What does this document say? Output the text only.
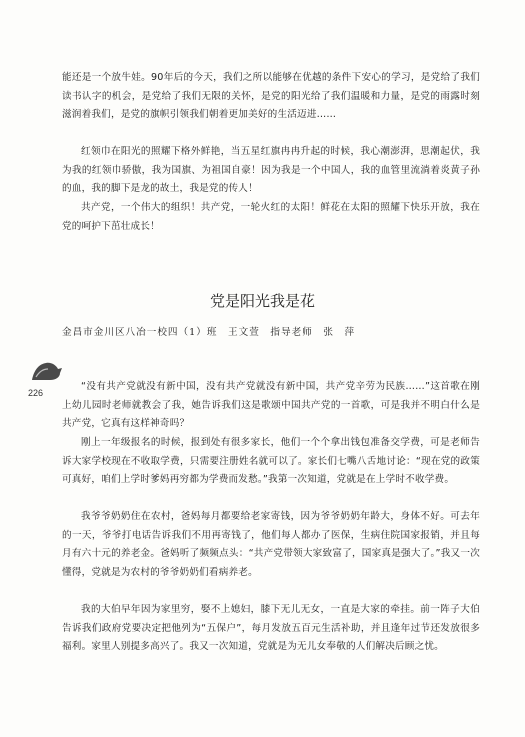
能还是一个放牛娃。90年后的今天，我们之所以能够在优越的条件下安心的学习，是党给了我们读书认字的机会，是党给了我们无限的关怀，是党的阳光给了我们温暖和力量，是党的雨露时刻滋润着我们，是党的旗帜引领我们朝着更加美好的生活迈进……

红领巾在阳光的照耀下格外鲜艳，当五星红旗冉冉升起的时候，我心潮澎湃，思潮起伏，我为我的红领巾骄傲，我为国旗、为祖国自豪！因为我是一个中国人，我的血管里流淌着炎黄子孙的血，我的脚下是龙的故土，我是党的传人！

共产党，一个伟大的组织！共产党，一轮火红的太阳！鲜花在太阳的照耀下快乐开放，我在党的呵护下茁壮成长！

党是阳光我是花
金昌市金川区八冶一校四（1）班　王文萱　指导老师　张　萍
226

“没有共产党就没有新中国，没有共产党就没有新中国，共产党辛劳为民族……”这首歌在刚上幼儿园时老师就教会了我，她告诉我们这是歌颂中国共产党的一首歌，可是我并不明白什么是共产党，它真有这样神奇吗？

刚上一年级报名的时候，报到处有很多家长，他们一个个拿出钱包准备交学费，可是老师告诉大家学校现在不收取学费，只需要注册姓名就可以了。家长们七嘴八舌地讨论：“现在党的政策可真好，咱们上学时爹妈再穷都为学费而发愁。”我第一次知道，党就是在上学时不收学费。

我爷爷奶奶住在农村，爸妈每月都要给老家寄钱，因为爷爷奶奶年龄大，身体不好。可去年的一天，爷爷打电话告诉我们不用再寄钱了，他们每人都办了医保，生病住院国家报销，并且每月有六十元的养老金。爸妈听了频频点头：“共产党带领大家致富了，国家真是强大了。”我又一次懂得，党就是为农村的爷爷奶奶们看病养老。

我的大伯早年因为家里穷，娶不上媳妇，膝下无儿无女，一直是大家的牵挂。前一阵子大伯告诉我们政府党要决定把他列为“五保户”，每月发放五百元生活补助，并且逢年过节还发放很多福利。家里人别提多高兴了。我又一次知道，党就是为无儿女奉敬的人们解决后顾之忧。
